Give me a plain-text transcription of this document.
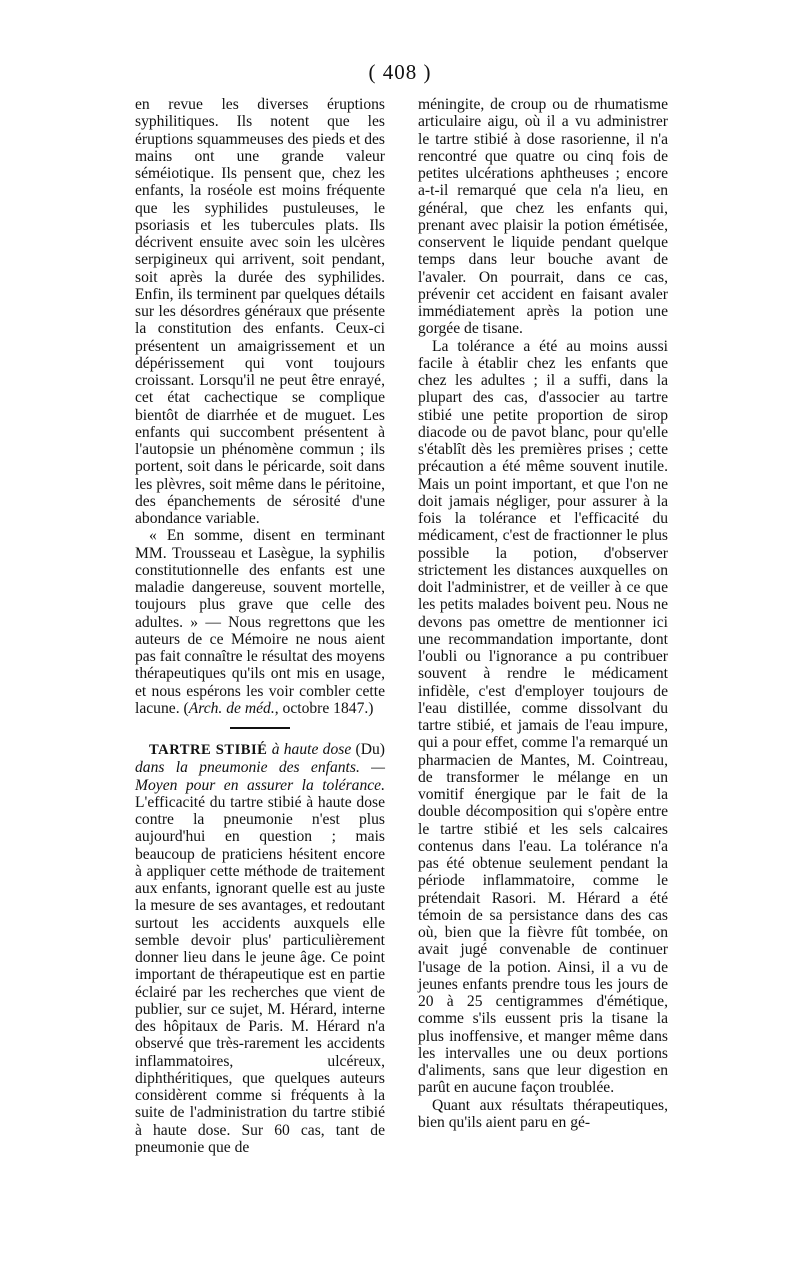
( 408 )

en revue les diverses éruptions syphilitiques. Ils notent que les éruptions squammeuses des pieds et des mains ont une grande valeur séméiotique. Ils pensent que, chez les enfants, la roséole est moins fréquente que les syphilides pustuleuses, le psoriasis et les tubercules plats. Ils décrivent ensuite avec soin les ulcères serpigineux qui arrivent, soit pendant, soit après la durée des syphilides. Enfin, ils terminent par quelques détails sur les désordres généraux que présente la constitution des enfants. Ceux-ci présentent un amaigrissement et un dépérissement qui vont toujours croissant. Lorsqu'il ne peut être enrayé, cet état cachectique se complique bientôt de diarrhée et de muguet. Les enfants qui succombent présentent à l'autopsie un phénomène commun ; ils portent, soit dans le péricarde, soit dans les plèvres, soit même dans le péritoine, des épanchements de sérosité d'une abondance variable.

« En somme, disent en terminant MM. Trousseau et Lasègue, la syphilis constitutionnelle des enfants est une maladie dangereuse, souvent mortelle, toujours plus grave que celle des adultes. » — Nous regrettons que les auteurs de ce Mémoire ne nous aient pas fait connaître le résultat des moyens thérapeutiques qu'ils ont mis en usage, et nous espérons les voir combler cette lacune. (Arch. de méd., octobre 1847.)

TARTRE STIBIÉ à haute dose (Du) dans la pneumonie des enfants. —Moyen pour en assurer la tolérance. L'efficacité du tartre stibié à haute dose contre la pneumonie n'est plus aujourd'hui en question ; mais beaucoup de praticiens hésitent encore à appliquer cette méthode de traitement aux enfants, ignorant quelle est au juste la mesure de ses avantages, et redoutant surtout les accidents auxquels elle semble devoir plus' particulièrement donner lieu dans le jeune âge. Ce point important de thérapeutique est en partie éclairé par les recherches que vient de publier, sur ce sujet, M. Hérard, interne des hôpitaux de Paris. M. Hérard n'a observé que très-rarement les accidents inflammatoires, ulcéreux, diphthéritiques, que quelques auteurs considèrent comme si fréquents à la suite de l'administration du tartre stibié à haute dose. Sur 60 cas, tant de pneumonie que de

méningite, de croup ou de rhumatisme articulaire aigu, où il a vu administrer le tartre stibié à dose rasorienne, il n'a rencontré que quatre ou cinq fois de petites ulcérations aphtheuses ; encore a-t-il remarqué que cela n'a lieu, en général, que chez les enfants qui, prenant avec plaisir la potion émétisée, conservent le liquide pendant quelque temps dans leur bouche avant de l'avaler. On pourrait, dans ce cas, prévenir cet accident en faisant avaler immédiatement après la potion une gorgée de tisane.

La tolérance a été au moins aussi facile à établir chez les enfants que chez les adultes ; il a suffi, dans la plupart des cas, d'associer au tartre stibié une petite proportion de sirop diacode ou de pavot blanc, pour qu'elle s'établît dès les premières prises ; cette précaution a été même souvent inutile. Mais un point important, et que l'on ne doit jamais négliger, pour assurer à la fois la tolérance et l'efficacité du médicament, c'est de fractionner le plus possible la potion, d'observer strictement les distances auxquelles on doit l'administrer, et de veiller à ce que les petits malades boivent peu. Nous ne devons pas omettre de mentionner ici une recommandation importante, dont l'oubli ou l'ignorance a pu contribuer souvent à rendre le médicament infidèle, c'est d'employer toujours de l'eau distillée, comme dissolvant du tartre stibié, et jamais de l'eau impure, qui a pour effet, comme l'a remarqué un pharmacien de Mantes, M. Cointreau, de transformer le mélange en un vomitif énergique par le fait de la double décomposition qui s'opère entre le tartre stibié et les sels calcaires contenus dans l'eau. La tolérance n'a pas été obtenue seulement pendant la période inflammatoire, comme le prétendait Rasori. M. Hérard a été témoin de sa persistance dans des cas où, bien que la fièvre fût tombée, on avait jugé convenable de continuer l'usage de la potion. Ainsi, il a vu de jeunes enfants prendre tous les jours de 20 à 25 centigrammes d'émétique, comme s'ils eussent pris la tisane la plus inoffensive, et manger même dans les intervalles une ou deux portions d'aliments, sans que leur digestion en parût en aucune façon troublée.

Quant aux résultats thérapeutiques, bien qu'ils aient paru en gé-
